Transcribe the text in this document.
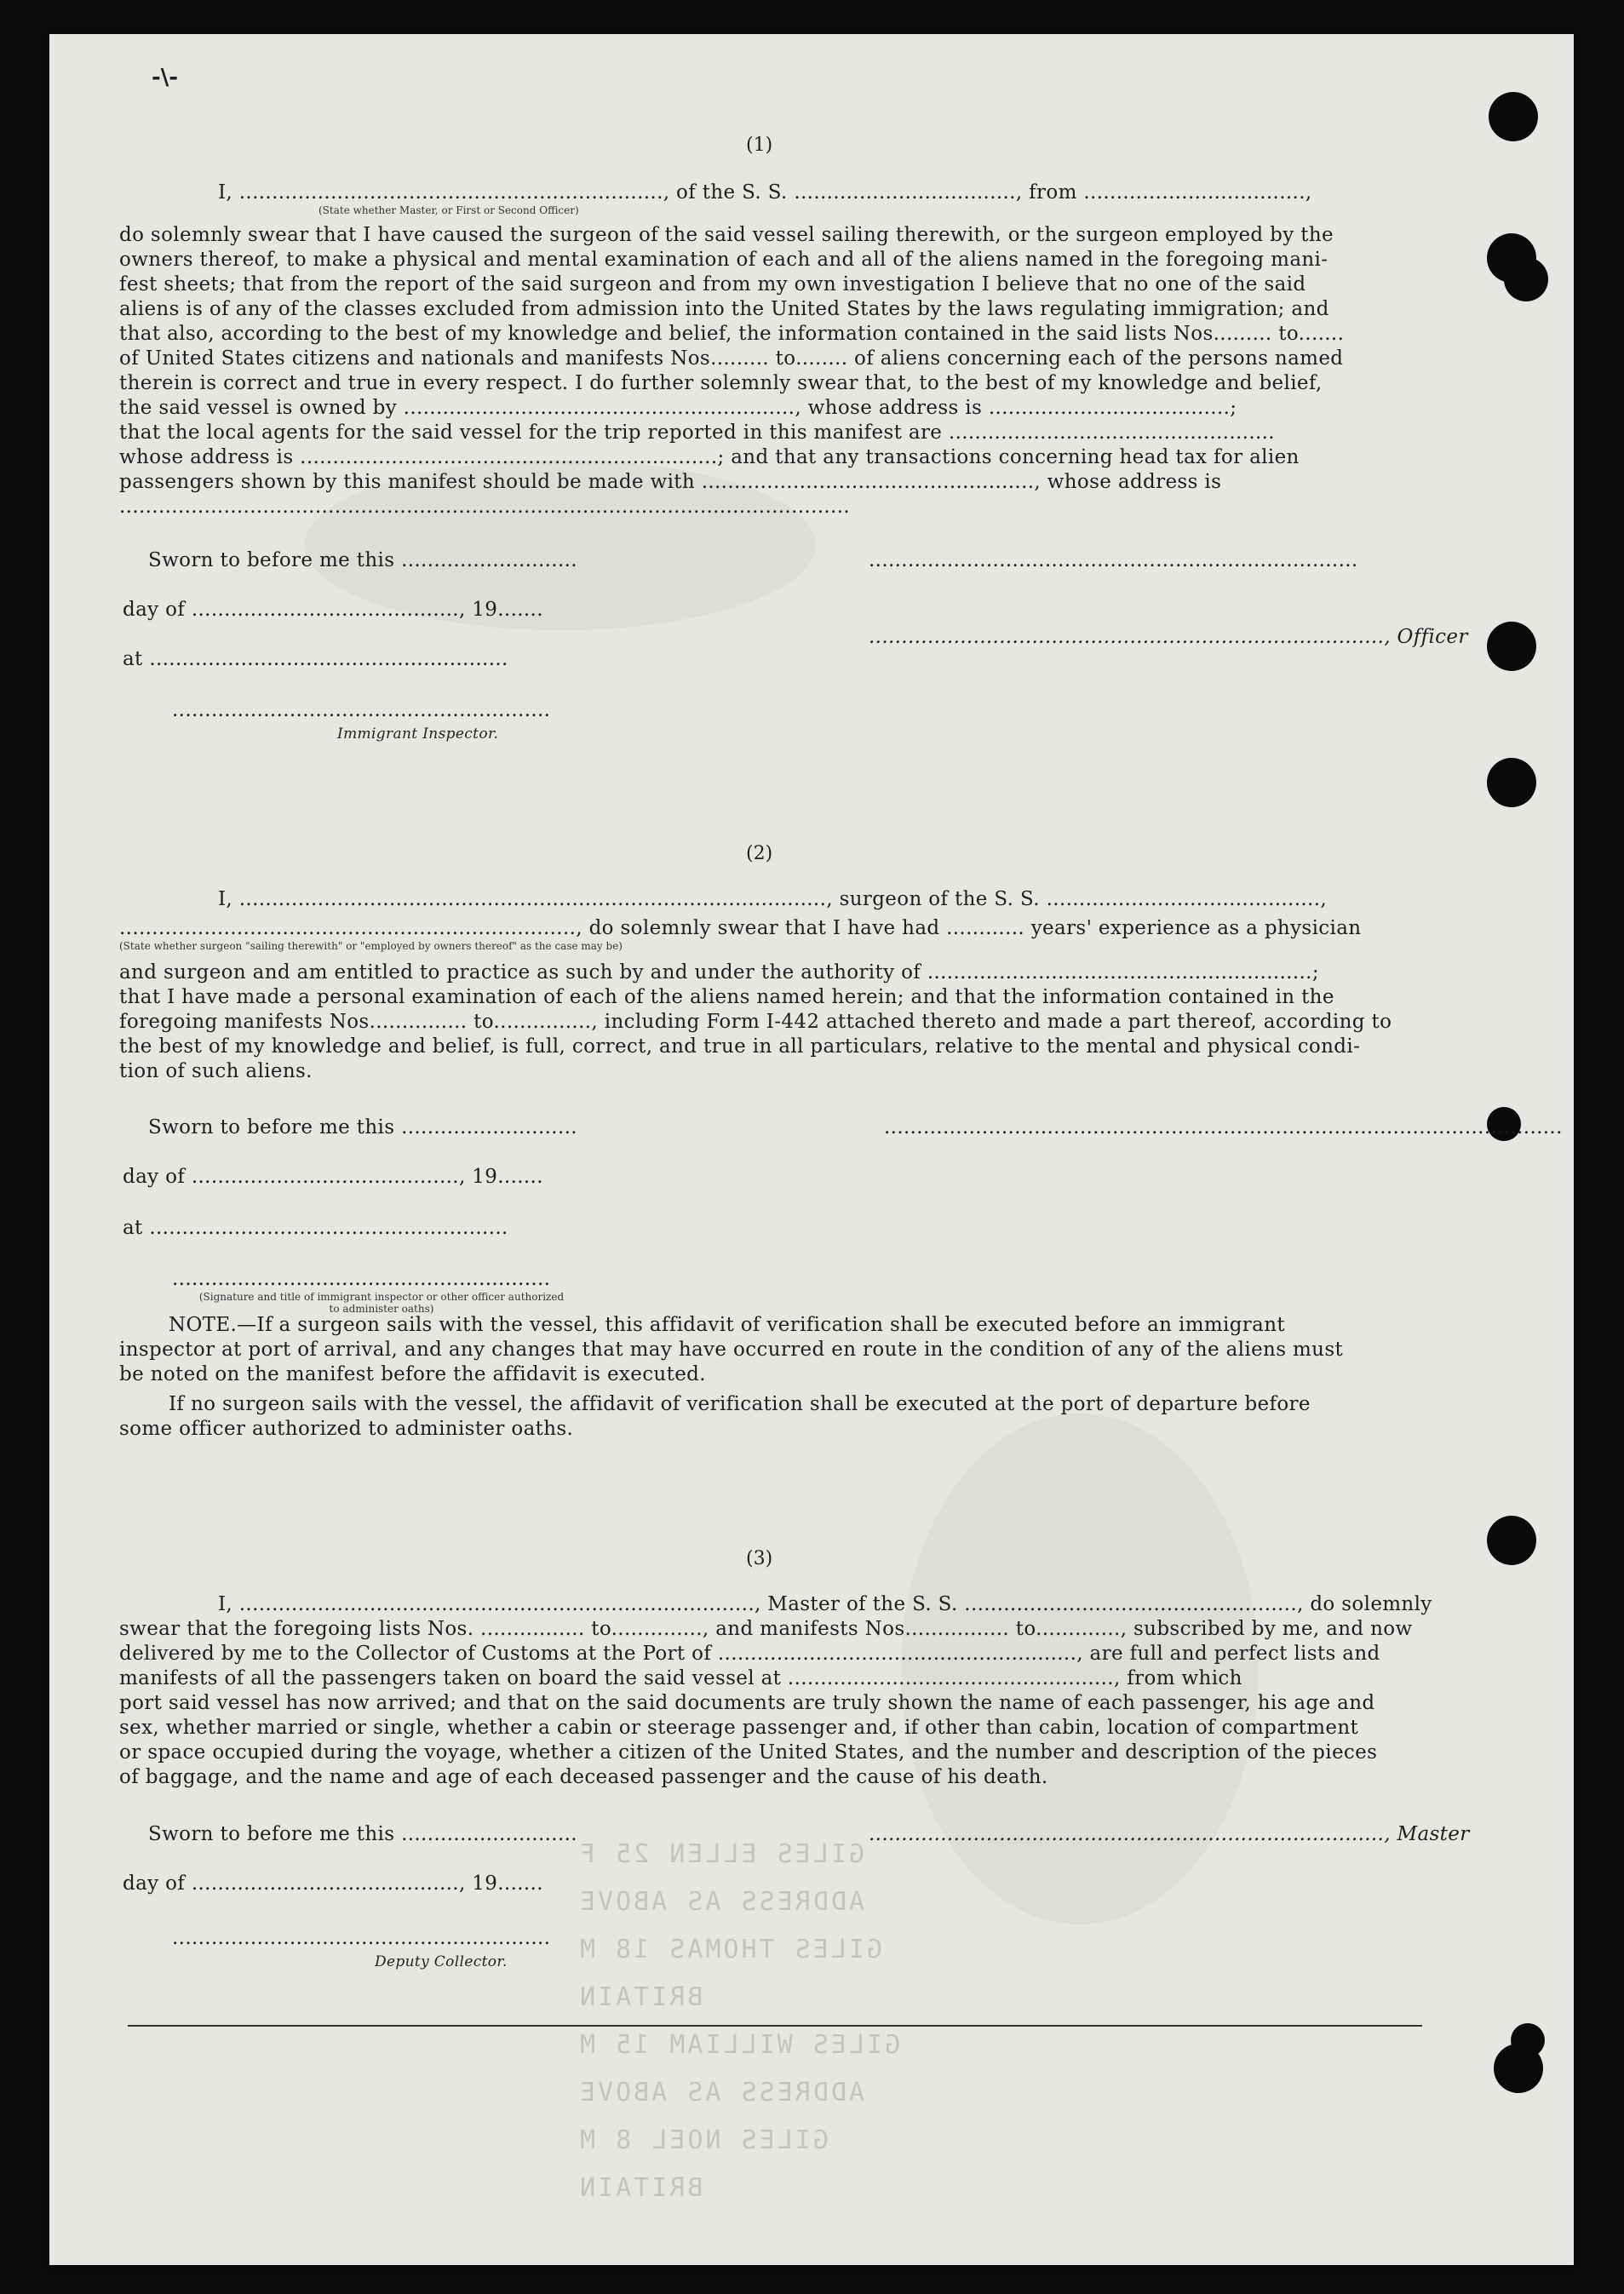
GILES ELLEN 25 F
ADDRESS AS ABOVE
GILES THOMAS 18 M
BRITAIN
GILES WILLIAM 15 M
ADDRESS AS ABOVE
GILES NOEL 8 M
BRITAIN
-\-
(1)
I, ................................................................., of the S. S. .................................., from ..................................,
(State whether Master, or First or Second Officer)
do solemnly swear that I have caused the surgeon of the said vessel sailing therewith, or the surgeon employed by the
owners thereof, to make a physical and mental examination of each and all of the aliens named in the foregoing mani-
fest sheets; that from the report of the said surgeon and from my own investigation I believe that no one of the said
aliens is of any of the classes excluded from admission into the United States by the laws regulating immigration; and
that also, according to the best of my knowledge and belief, the information contained in the said lists Nos......... to.......
of United States citizens and nationals and manifests Nos......... to........ of aliens concerning each of the persons named
therein is correct and true in every respect. I do further solemnly swear that, to the best of my knowledge and belief,
the said vessel is owned by ............................................................, whose address is .....................................;
that the local agents for the said vessel for the trip reported in this manifest are ..................................................
whose address is ................................................................; and that any transactions concerning head tax for alien
passengers shown by this manifest should be made with ..................................................., whose address is
................................................................................................................
Sworn to before me this ...........................
day of ........................................., 19.......
at .......................................................
..........................................................
Immigrant Inspector.
...........................................................................
..............................................................................., Officer
(2)
I, .........................................................................................., surgeon of the S. S. ..........................................,
......................................................................, do solemnly swear that I have had ............ years' experience as a physician
(State whether surgeon "sailing therewith" or "employed by owners thereof" as the case may be)
and surgeon and am entitled to practice as such by and under the authority of ...........................................................;
that I have made a personal examination of each of the aliens named herein; and that the information contained in the
foregoing manifests Nos............... to..............., including Form I-442 attached thereto and made a part thereof, according to
the best of my knowledge and belief, is full, correct, and true in all particulars, relative to the mental and physical condi-
tion of such aliens.
Sworn to before me this ...........................
day of ........................................., 19.......
at .......................................................
..........................................................
(Signature and title of immigrant inspector or other officer authorized to administer oaths)
........................................................................................................
NOTE.—If a surgeon sails with the vessel, this affidavit of verification shall be executed before an immigrant
inspector at port of arrival, and any changes that may have occurred en route in the condition of any of the aliens must
be noted on the manifest before the affidavit is executed.
If no surgeon sails with the vessel, the affidavit of verification shall be executed at the port of departure before
some officer authorized to administer oaths.
(3)
I, ..............................................................................., Master of the S. S. ..................................................., do solemnly
swear that the foregoing lists Nos. ................ to.............., and manifests Nos................ to............., subscribed by me, and now
delivered by me to the Collector of Customs at the Port of ......................................................., are full and perfect lists and
manifests of all the passengers taken on board the said vessel at .................................................., from which
port said vessel has now arrived; and that on the said documents are truly shown the name of each passenger, his age and
sex, whether married or single, whether a cabin or steerage passenger and, if other than cabin, location of compartment
or space occupied during the voyage, whether a citizen of the United States, and the number and description of the pieces
of baggage, and the name and age of each deceased passenger and the cause of his death.
Sworn to before me this ...........................	..............................................................................., Master
day of ........................................., 19.......
..........................................................
Deputy Collector.
